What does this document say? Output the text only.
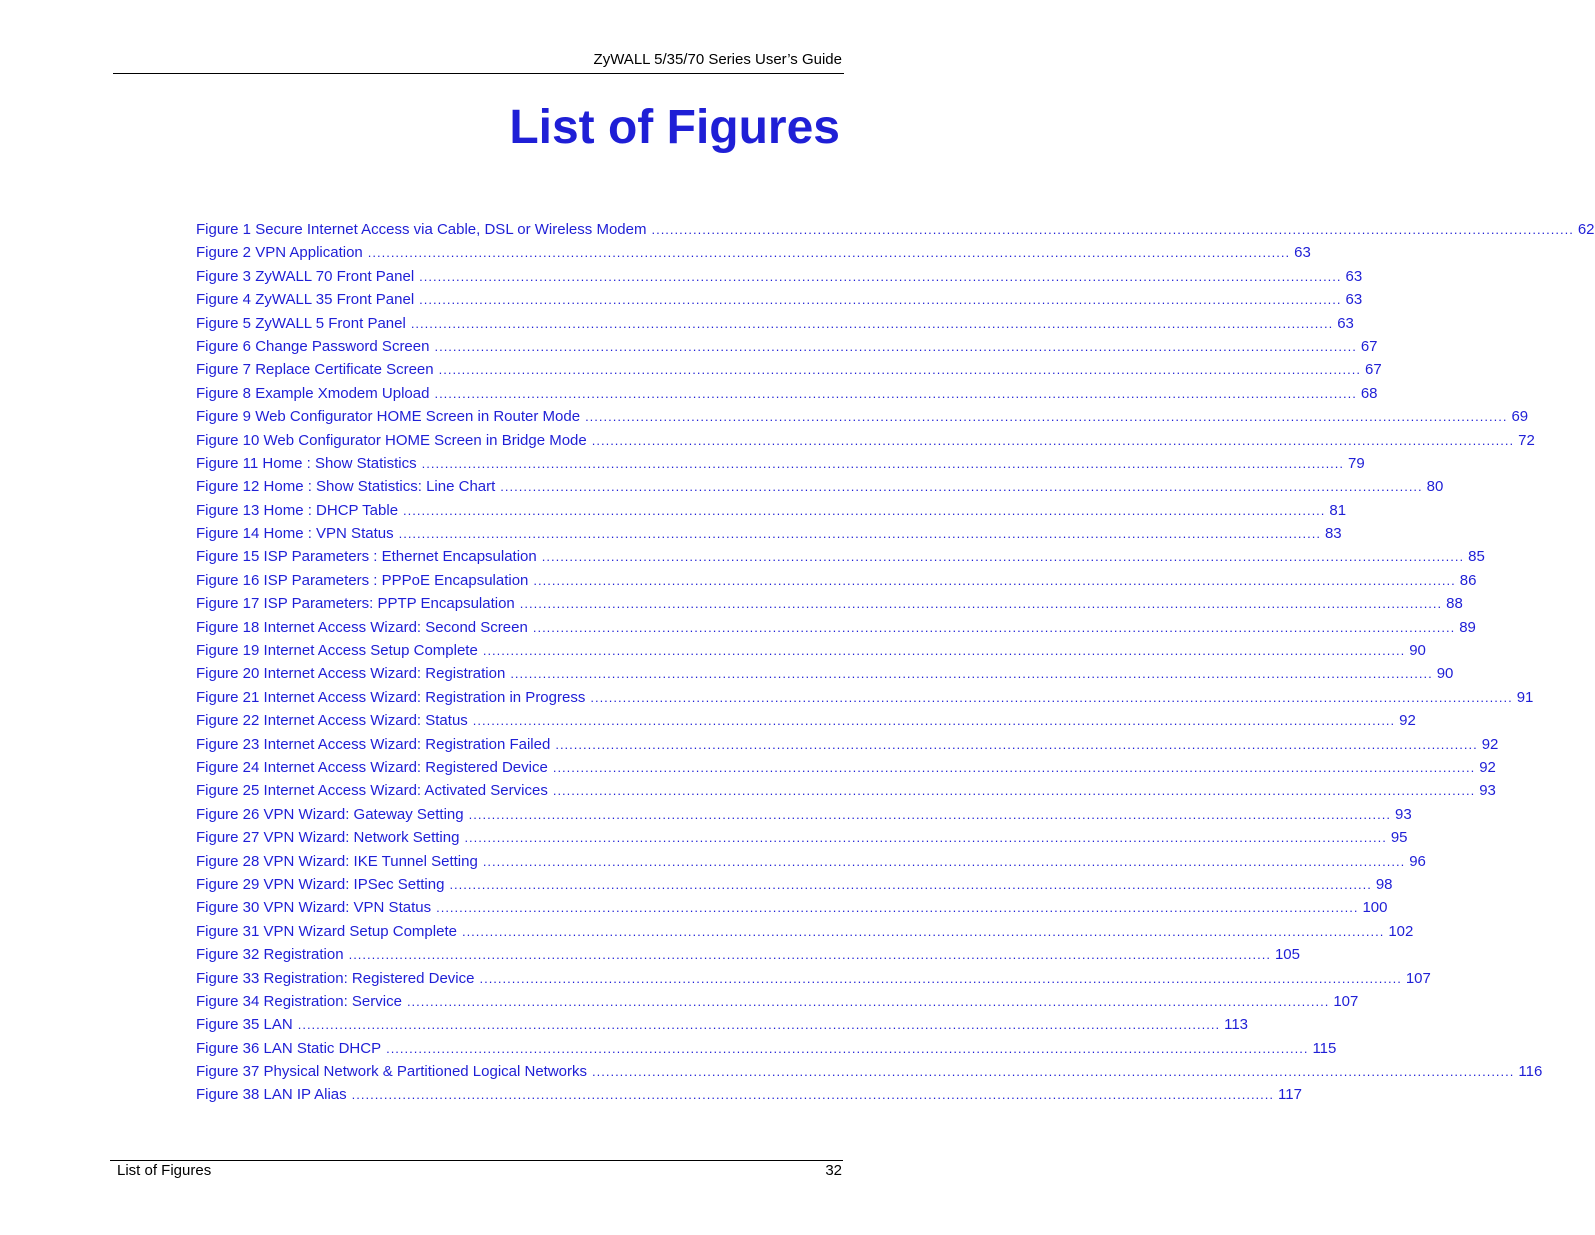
ZyWALL 5/35/70 Series User’s Guide
List of Figures
Figure 1 Secure Internet Access via Cable, DSL or Wireless Modem ........................................................................................................................................................................................................ 62
Figure 2 VPN Application ........................................................................................................................................................................................................ 63
Figure 3 ZyWALL 70 Front Panel ........................................................................................................................................................................................................ 63
Figure 4 ZyWALL 35 Front Panel ........................................................................................................................................................................................................ 63
Figure 5 ZyWALL 5 Front Panel ........................................................................................................................................................................................................ 63
Figure 6 Change Password Screen ........................................................................................................................................................................................................ 67
Figure 7 Replace Certificate Screen ........................................................................................................................................................................................................ 67
Figure 8 Example Xmodem Upload ........................................................................................................................................................................................................ 68
Figure 9 Web Configurator HOME Screen in Router Mode ........................................................................................................................................................................................................ 69
Figure 10 Web Configurator HOME Screen in Bridge Mode ........................................................................................................................................................................................................ 72
Figure 11 Home : Show Statistics ........................................................................................................................................................................................................ 79
Figure 12 Home : Show Statistics: Line Chart ........................................................................................................................................................................................................ 80
Figure 13 Home : DHCP Table ........................................................................................................................................................................................................ 81
Figure 14 Home : VPN Status ........................................................................................................................................................................................................ 83
Figure 15 ISP Parameters : Ethernet Encapsulation ........................................................................................................................................................................................................ 85
Figure 16 ISP Parameters : PPPoE Encapsulation ........................................................................................................................................................................................................ 86
Figure 17 ISP Parameters: PPTP Encapsulation ........................................................................................................................................................................................................ 88
Figure 18 Internet Access Wizard: Second Screen ........................................................................................................................................................................................................ 89
Figure 19 Internet Access Setup Complete ........................................................................................................................................................................................................ 90
Figure 20 Internet Access Wizard: Registration ........................................................................................................................................................................................................ 90
Figure 21 Internet Access Wizard: Registration in Progress ........................................................................................................................................................................................................ 91
Figure 22 Internet Access Wizard: Status ........................................................................................................................................................................................................ 92
Figure 23 Internet Access Wizard: Registration Failed ........................................................................................................................................................................................................ 92
Figure 24 Internet Access Wizard: Registered Device ........................................................................................................................................................................................................ 92
Figure 25 Internet Access Wizard: Activated Services ........................................................................................................................................................................................................ 93
Figure 26 VPN Wizard: Gateway Setting ........................................................................................................................................................................................................ 93
Figure 27 VPN Wizard: Network Setting ........................................................................................................................................................................................................ 95
Figure 28 VPN Wizard: IKE Tunnel Setting ........................................................................................................................................................................................................ 96
Figure 29 VPN Wizard: IPSec Setting ........................................................................................................................................................................................................ 98
Figure 30 VPN Wizard: VPN Status ........................................................................................................................................................................................................ 100
Figure 31 VPN Wizard Setup Complete ........................................................................................................................................................................................................ 102
Figure 32 Registration ........................................................................................................................................................................................................ 105
Figure 33 Registration: Registered Device ........................................................................................................................................................................................................ 107
Figure 34 Registration: Service ........................................................................................................................................................................................................ 107
Figure 35 LAN ........................................................................................................................................................................................................ 113
Figure 36 LAN Static DHCP ........................................................................................................................................................................................................ 115
Figure 37 Physical Network & Partitioned Logical Networks ........................................................................................................................................................................................................ 116
Figure 38 LAN IP Alias ........................................................................................................................................................................................................ 117
List of Figures	32
